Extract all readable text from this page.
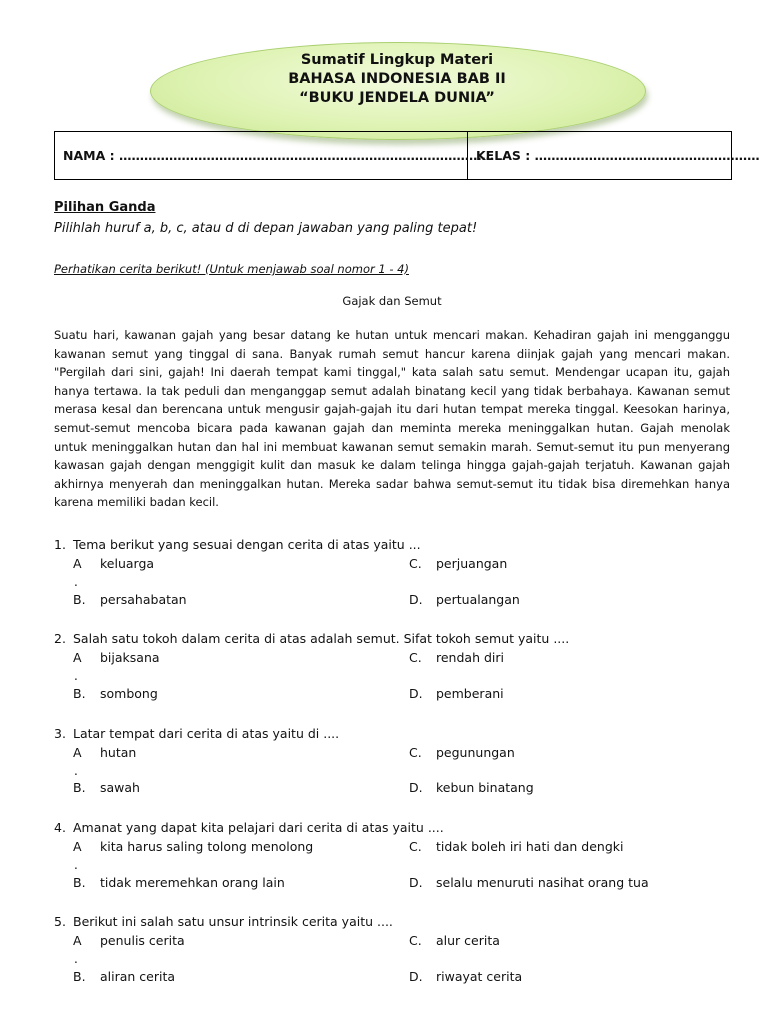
Sumatif Lingkup Materi
BAHASA INDONESIA BAB II
“BUKU JENDELA DUNIA”
NAMA : ………………………………………………………………………………
KELAS : ………………………………………………
Pilihan Ganda
Pilihlah huruf a, b, c, atau d di depan jawaban yang paling tepat!
Perhatikan cerita berikut! (Untuk menjawab soal nomor 1 - 4)
Gajak dan Semut

Suatu hari, kawanan gajah yang besar datang ke hutan untuk mencari makan. Kehadiran gajah ini mengganggu kawanan semut yang tinggal di sana. Banyak rumah semut hancur karena diinjak gajah yang mencari makan. "Pergilah dari sini, gajah! Ini daerah tempat kami tinggal," kata salah satu semut. Mendengar ucapan itu, gajah hanya tertawa. Ia tak peduli dan menganggap semut adalah binatang kecil yang tidak berbahaya. Kawanan semut merasa kesal dan berencana untuk mengusir gajah-gajah itu dari hutan tempat mereka tinggal. Keesokan harinya, semut-semut mencoba bicara pada kawanan gajah dan meminta mereka meninggalkan hutan. Gajah menolak untuk meninggalkan hutan dan hal ini membuat kawanan semut semakin marah. Semut-semut itu pun menyerang kawasan gajah dengan menggigit kulit dan masuk ke dalam telinga hingga gajah-gajah terjatuh. Kawanan gajah akhirnya menyerah dan meninggalkan hutan. Mereka sadar bahwa semut-semut itu tidak bisa diremehkan hanya karena memiliki badan kecil.

1. Tema berikut yang sesuai dengan cerita di atas yaitu ...
A	keluarga
.
B.	persahabatan
C.	perjuangan
D.	pertualangan
2. Salah satu tokoh dalam cerita di atas adalah semut. Sifat tokoh semut yaitu ....
A	bijaksana
.
B.	sombong
C.	rendah diri
D.	pemberani
3. Latar tempat dari cerita di atas yaitu di ....
A	hutan
.
B.	sawah
C.	pegunungan
D.	kebun binatang
4. Amanat yang dapat kita pelajari dari cerita di atas yaitu ....
A	kita harus saling tolong menolong
.
B.	tidak meremehkan orang lain
C.	tidak boleh iri hati dan dengki
D.	selalu menuruti nasihat orang tua
5. Berikut ini salah satu unsur intrinsik cerita yaitu ....
A	penulis cerita
.
B.	aliran cerita
C.	alur cerita
D.	riwayat cerita
